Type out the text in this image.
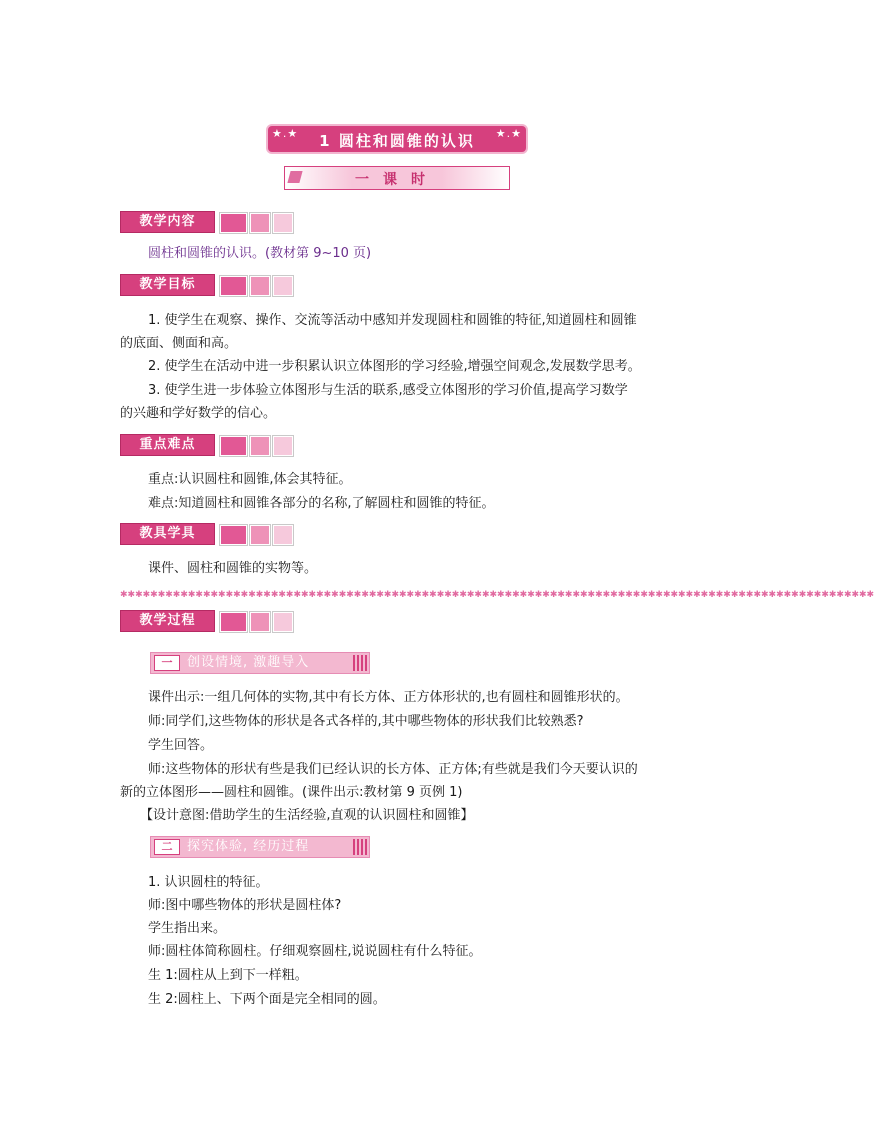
★.★	1 圆柱和圆锥的认识	★.★
一课时
教学内容
圆柱和圆锥的认识。(教材第 9~10 页)
教学目标
1. 使学生在观察、操作、交流等活动中感知并发现圆柱和圆锥的特征,知道圆柱和圆锥
的底面、侧面和高。
2. 使学生在活动中进一步积累认识立体图形的学习经验,增强空间观念,发展数学思考。
3. 使学生进一步体验立体图形与生活的联系,感受立体图形的学习价值,提高学习数学
的兴趣和学好数学的信心。
重点难点
重点:认识圆柱和圆锥,体会其特征。
难点:知道圆柱和圆锥各部分的名称,了解圆柱和圆锥的特征。
教具学具
课件、圆柱和圆锥的实物等。
✱✱✱✱✱✱✱✱✱✱✱✱✱✱✱✱✱✱✱✱✱✱✱✱✱✱✱✱✱✱✱✱✱✱✱✱✱✱✱✱✱✱✱✱✱✱✱✱✱✱✱✱✱✱✱✱✱✱✱✱✱✱✱✱✱✱✱✱✱✱✱✱✱✱✱✱✱✱✱✱✱✱✱✱✱✱✱✱✱✱✱✱✱✱✱✱✱✱✱✱
教学过程
一	创设情境, 激趣导入
课件出示:一组几何体的实物,其中有长方体、正方体形状的,也有圆柱和圆锥形状的。
师:同学们,这些物体的形状是各式各样的,其中哪些物体的形状我们比较熟悉?
学生回答。
师:这些物体的形状有些是我们已经认识的长方体、正方体;有些就是我们今天要认识的
新的立体图形——圆柱和圆锥。(课件出示:教材第 9 页例 1)
【设计意图:借助学生的生活经验,直观的认识圆柱和圆锥】
二	探究体验, 经历过程
1. 认识圆柱的特征。
师:图中哪些物体的形状是圆柱体?
学生指出来。
师:圆柱体简称圆柱。仔细观察圆柱,说说圆柱有什么特征。
生 1:圆柱从上到下一样粗。
生 2:圆柱上、下两个面是完全相同的圆。
